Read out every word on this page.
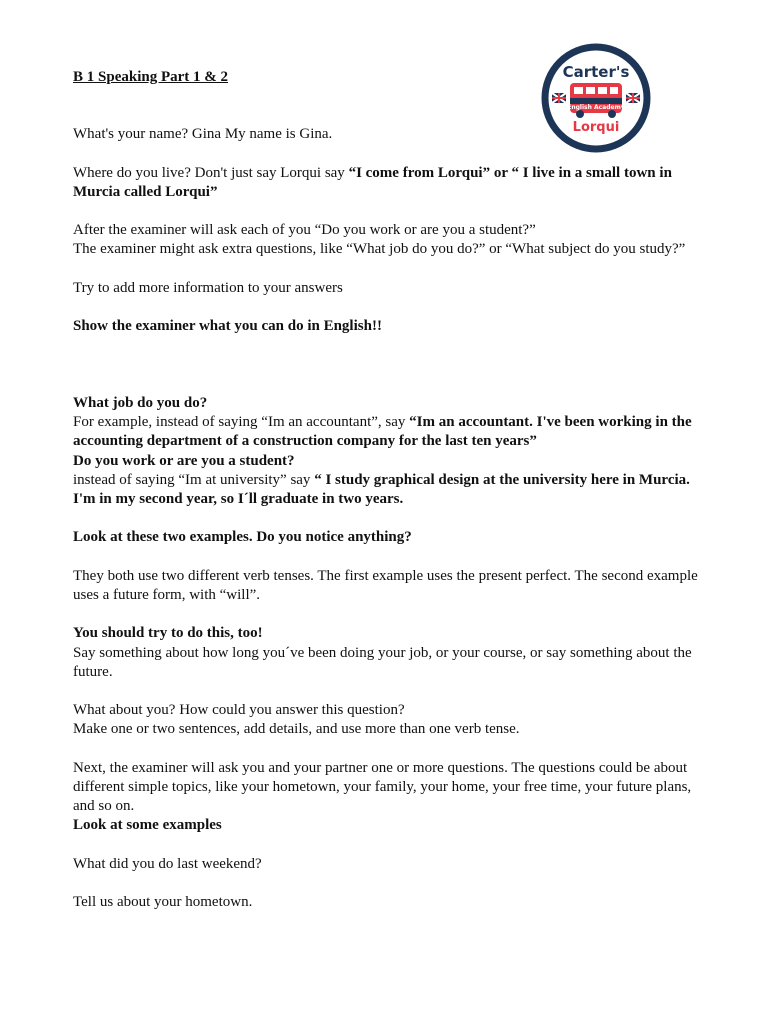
Carter's
English Academy
Lorqui

B 1 Speaking Part 1 & 2

What's your name? Gina My name is Gina.

Where do you live? Don't just say Lorqui say “I come from Lorqui” or “ I live in a small town in Murcia called Lorqui”

After the examiner will ask each of you “Do you work or are you a student?”

The examiner might ask extra questions, like “What job do you do?” or “What subject do you study?”

Try to add more information to your answers

Show the examiner what you can do in English!!

What job do you do?

For example, instead of saying “Im an accountant”, say “Im an accountant. I've been working in the accounting department of a construction company for the last ten years”

Do you work or are you a student?

instead of saying “Im at university” say “ I study graphical design at the university here in Murcia. I'm in my second year, so I´ll graduate in two years.

Look at these two examples. Do you notice anything?

They both use two different verb tenses. The first example uses the present perfect. The second example uses a future form, with “will”.

You should try to do this, too!

Say something about how long you´ve been doing your job, or your course, or say something about the future.

What about you? How could you answer this question?

Make one or two sentences, add details, and use more than one verb tense.

Next, the examiner will ask you and your partner one or more questions. The questions could be about different simple topics, like your hometown, your family, your home, your free time, your future plans, and so on.

Look at some examples

What did you do last weekend?

Tell us about your hometown.
